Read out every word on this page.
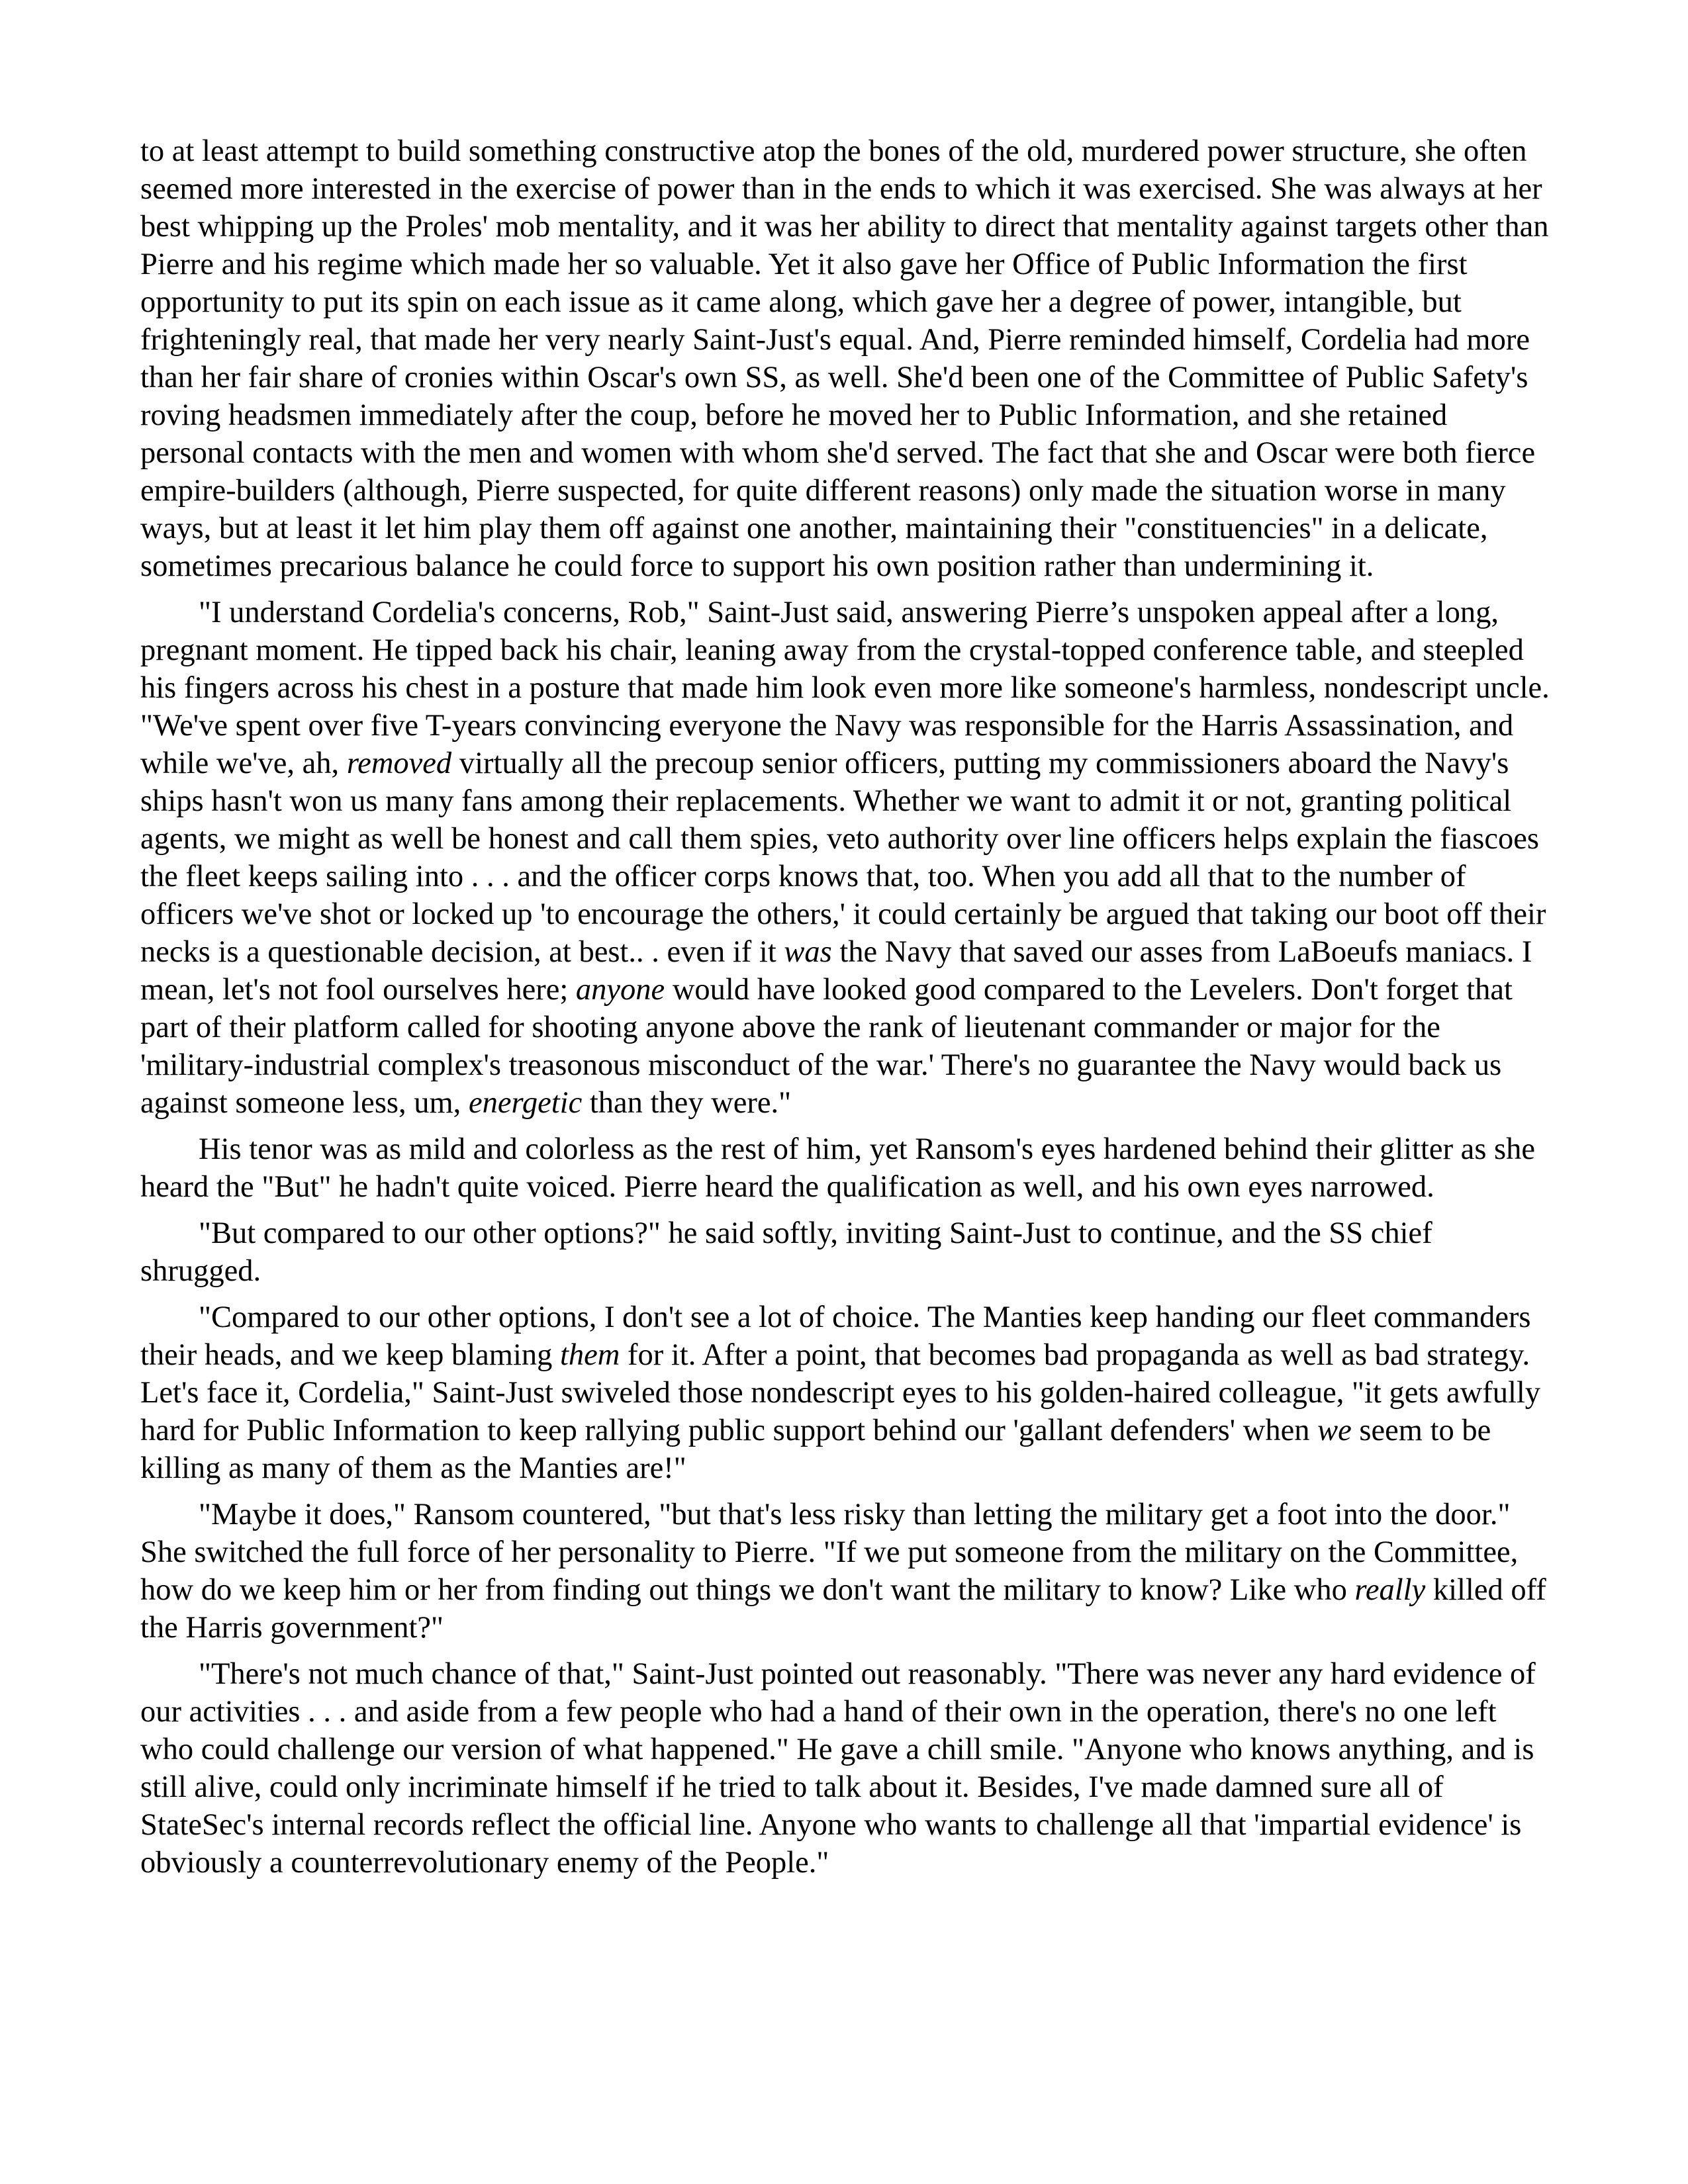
to at least attempt to build something constructive atop the bones of the old, murdered power structure, she often seemed more interested in the exercise of power than in the ends to which it was exercised. She was always at her best whipping up the Proles' mob mentality, and it was her ability to direct that mentality against targets other than Pierre and his regime which made her so valuable. Yet it also gave her Office of Public Information the first opportunity to put its spin on each issue as it came along, which gave her a degree of power, intangible, but frighteningly real, that made her very nearly Saint-Just's equal. And, Pierre reminded himself, Cordelia had more than her fair share of cronies within Oscar's own SS, as well. She'd been one of the Committee of Public Safety's roving headsmen immediately after the coup, before he moved her to Public Information, and she retained personal contacts with the men and women with whom she'd served. The fact that she and Oscar were both fierce empire-builders (although, Pierre suspected, for quite different reasons) only made the situation worse in many ways, but at least it let him play them off against one another, maintaining their "constituencies" in a delicate, sometimes precarious balance he could force to support his own position rather than undermining it.

"I understand Cordelia's concerns, Rob," Saint-Just said, answering Pierre’s unspoken appeal after a long, pregnant moment. He tipped back his chair, leaning away from the crystal-topped conference table, and steepled his fingers across his chest in a posture that made him look even more like someone's harmless, nondescript uncle. "We've spent over five T-years convincing everyone the Navy was responsible for the Harris Assassination, and while we've, ah, removed virtually all the precoup senior officers, putting my commissioners aboard the Navy's ships hasn't won us many fans among their replacements. Whether we want to admit it or not, granting political agents, we might as well be honest and call them spies, veto authority over line officers helps explain the fiascoes the fleet keeps sailing into . . . and the officer corps knows that, too. When you add all that to the number of officers we've shot or locked up 'to encourage the others,' it could certainly be argued that taking our boot off their necks is a questionable decision, at best.. . even if it was the Navy that saved our asses from LaBoeufs maniacs. I mean, let's not fool ourselves here; anyone would have looked good compared to the Levelers. Don't forget that part of their platform called for shooting anyone above the rank of lieutenant commander or major for the 'military-industrial complex's treasonous misconduct of the war.' There's no guarantee the Navy would back us against someone less, um, energetic than they were."

His tenor was as mild and colorless as the rest of him, yet Ransom's eyes hardened behind their glitter as she heard the "But" he hadn't quite voiced. Pierre heard the qualification as well, and his own eyes narrowed.

"But compared to our other options?" he said softly, inviting Saint-Just to continue, and the SS chief shrugged.

"Compared to our other options, I don't see a lot of choice. The Manties keep handing our fleet commanders their heads, and we keep blaming them for it. After a point, that becomes bad propaganda as well as bad strategy. Let's face it, Cordelia," Saint-Just swiveled those nondescript eyes to his golden-haired colleague, "it gets awfully hard for Public Information to keep rallying public support behind our 'gallant defenders' when we seem to be killing as many of them as the Manties are!"

"Maybe it does," Ransom countered, "but that's less risky than letting the military get a foot into the door." She switched the full force of her personality to Pierre. "If we put someone from the military on the Committee, how do we keep him or her from finding out things we don't want the military to know? Like who really killed off the Harris government?"

"There's not much chance of that," Saint-Just pointed out reasonably. "There was never any hard evidence of our activities . . . and aside from a few people who had a hand of their own in the operation, there's no one left who could challenge our version of what happened." He gave a chill smile. "Anyone who knows anything, and is still alive, could only incriminate himself if he tried to talk about it. Besides, I've made damned sure all of StateSec's internal records reflect the official line. Anyone who wants to challenge all that 'impartial evidence' is obviously a counterrevolutionary enemy of the People."
